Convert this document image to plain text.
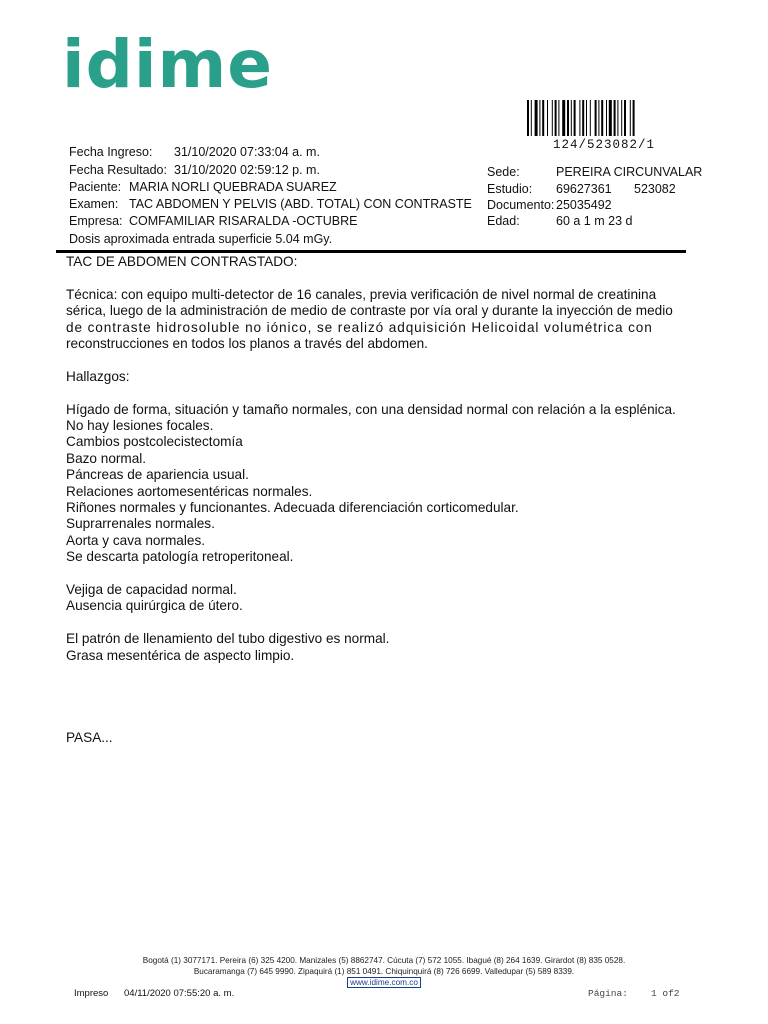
idime
124/523082/1
Fecha Ingreso: 31/10/2020 07:33:04 a. m.
Fecha Resultado: 31/10/2020 02:59:12 p. m.
Paciente: MARIA NORLI QUEBRADA SUAREZ
Examen: TAC ABDOMEN Y PELVIS (ABD. TOTAL) CON CONTRASTE
Empresa: COMFAMILIAR RISARALDA -OCTUBRE
Dosis aproximada entrada superficie 5.04 mGy.
Sede:	PEREIRA CIRCUNVALAR
Estudio: 69627361 523082
Documento: 25035492
Edad:	60 a 1 m 23 d

TAC DE ABDOMEN CONTRASTADO:

Técnica: con equipo multi-detector de 16 canales, previa verificación de nivel normal de creatinina

sérica, luego de la administración de medio de contraste por vía oral y durante la inyección de medio

de contraste hidrosoluble no iónico, se realizó adquisición Helicoidal volumétrica con

reconstrucciones en todos los planos a través del abdomen.

Hallazgos:

Hígado de forma, situación y tamaño normales, con una densidad normal con relación a la esplénica.

No hay lesiones focales.

Cambios postcolecistectomía

Bazo normal.

Páncreas de apariencia usual.

Relaciones aortomesentéricas normales.

Riñones normales y funcionantes. Adecuada diferenciación corticomedular.

Suprarrenales normales.

Aorta y cava normales.

Se descarta patología retroperitoneal.

Vejiga de capacidad normal.

Ausencia quirúrgica de útero.

El patrón de llenamiento del tubo digestivo es normal.

Grasa mesentérica de aspecto limpio.

PASA...

Bogotá (1) 3077171. Pereira (6) 325 4200. Manizales (5) 8862747. Cúcuta (7) 572 1055. Ibagué (8) 264 1639. Girardot (8) 835 0528.
Bucaramanga (7) 645 9990. Zipaquirá (1) 851 0491. Chiquinquirá (8) 726 6699. Valledupar (5) 589 8339.
www.idime.com.co
Impreso 04/11/2020 07:55:20 a. m.	Página: 1 of2
